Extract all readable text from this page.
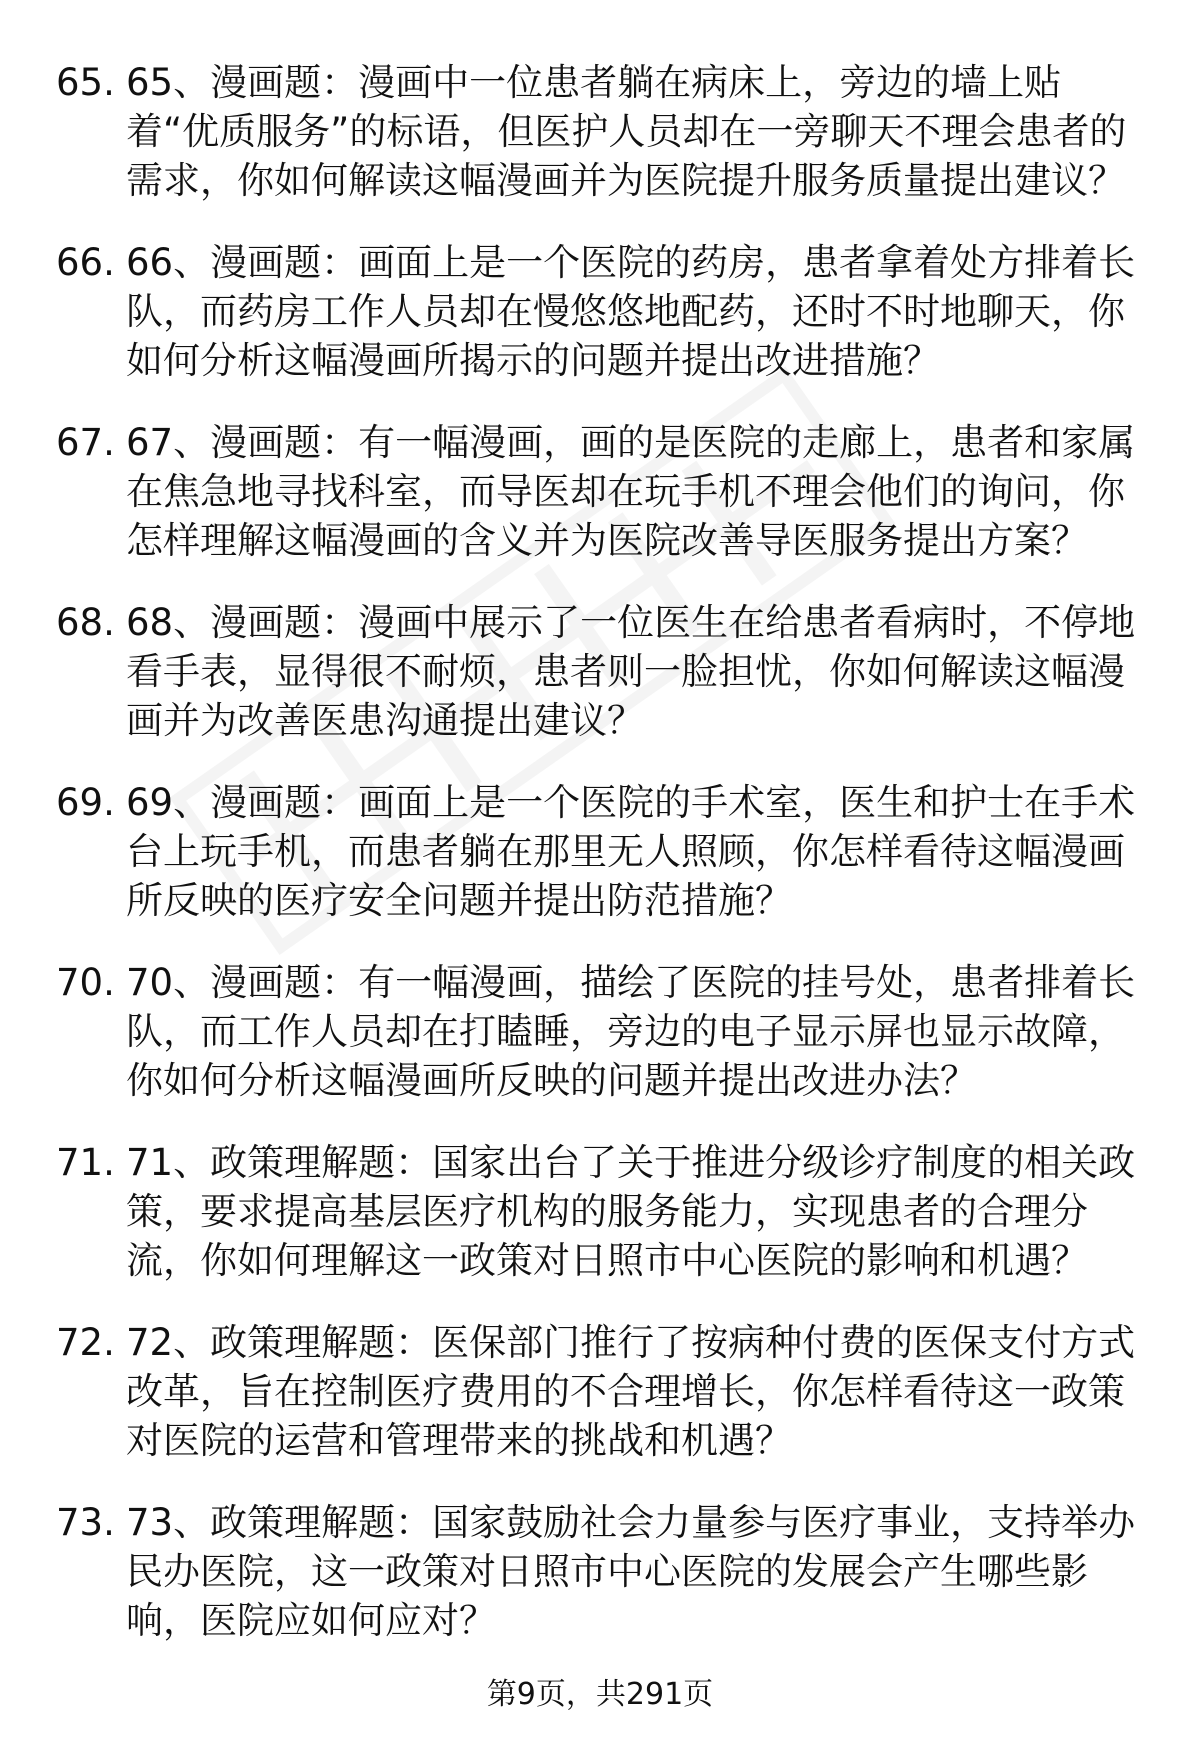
65. 65、漫画题：漫画中一位患者躺在病床上，旁边的墙上贴着“优质服务”的标语，但医护人员却在一旁聊天不理会患者的需求，你如何解读这幅漫画并为医院提升服务质量提出建议？
66. 66、漫画题：画面上是一个医院的药房，患者拿着处方排着长队，而药房工作人员却在慢悠悠地配药，还时不时地聊天，你如何分析这幅漫画所揭示的问题并提出改进措施？
67. 67、漫画题：有一幅漫画，画的是医院的走廊上，患者和家属在焦急地寻找科室，而导医却在玩手机不理会他们的询问，你怎样理解这幅漫画的含义并为医院改善导医服务提出方案？
68. 68、漫画题：漫画中展示了一位医生在给患者看病时，不停地看手表，显得很不耐烦，患者则一脸担忧，你如何解读这幅漫画并为改善医患沟通提出建议？
69. 69、漫画题：画面上是一个医院的手术室，医生和护士在手术台上玩手机，而患者躺在那里无人照顾，你怎样看待这幅漫画所反映的医疗安全问题并提出防范措施？
70. 70、漫画题：有一幅漫画，描绘了医院的挂号处，患者排着长队，而工作人员却在打瞌睡，旁边的电子显示屏也显示故障，你如何分析这幅漫画所反映的问题并提出改进办法？
71. 71、政策理解题：国家出台了关于推进分级诊疗制度的相关政策，要求提高基层医疗机构的服务能力，实现患者的合理分流，你如何理解这一政策对日照市中心医院的影响和机遇？
72. 72、政策理解题：医保部门推行了按病种付费的医保支付方式改革，旨在控制医疗费用的不合理增长，你怎样看待这一政策对医院的运营和管理带来的挑战和机遇？
73. 73、政策理解题：国家鼓励社会力量参与医疗事业，支持举办民办医院，这一政策对日照市中心医院的发展会产生哪些影响，医院应如何应对？
第9页，共291页
